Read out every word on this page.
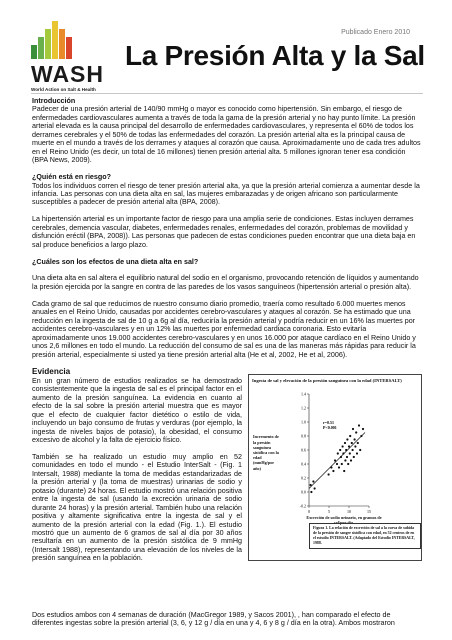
WASH
World Action on Salt & Health
Publicado Enero 2010
La Presión Alta y la Sal
Introducción

Padecer de una presión arterial de 140/90 mmHg o mayor es conocido como hipertensión. Sin embargo, el riesgo de enfermedades cardiovasculares aumenta a través de toda la gama de la presión arterial y no hay punto límite. La presión arterial elevada es la causa principal del desarrollo de enfermedades cardiovasculares, y representa el 60% de todos los derrames cerebrales y el 50% de todas las enfermedades del corazón. La presión arterial alta es la principal causa de muerte en el mundo a través de los derrames y ataques al corazón que causa. Aproximadamente uno de cada tres adultos en el Reino Unido (es decir, un total de 16 millones) tienen presión arterial alta. 5 millones ignoran tener esa condición (BPA News, 2009).

¿Quién está en riesgo?

Todos los individuos corren el riesgo de tener presión arterial alta, ya que la presión arterial comienza a aumentar desde la infancia. Las personas con una dieta alta en sal, las mujeres embarazadas y de origen africano son particularmente susceptibles a padecer de presión arterial alta (BPA, 2008).

La hipertensión arterial es un importante factor de riesgo para una amplia serie de condiciones. Estas incluyen derrames cerebrales, demencia vascular, diabetes, enfermedades renales, enfermedades del corazón, problemas de movilidad y disfunción eréctil (BPA, 2008)). Las personas que padecen de estas condiciones pueden encontrar que una dieta baja en sal produce beneficios a largo plazo.

¿Cuáles son los efectos de una dieta alta en sal?

Una dieta alta en sal altera el equilibrio natural del sodio en el organismo, provocando retención de líquidos y aumentando la presión ejercida por la sangre en contra de las paredes de los vasos sanguíneos (hipertensión arterial o presión alta).

Cada gramo de sal que reducimos de nuestro consumo diario promedio, traería como resultado 6.000 muertes menos anuales en el Reino Unido, causadas por accidentes cerebro-vasculares y ataques al corazón. Se ha estimado que una reducción en la ingesta de sal de 10 g a 6g al día, reduciría la presión arterial y podría reducir en un 16% las muertes por accidentes cerebro-vasculares y en un 12% las muertes por enfermedad cardiaca coronaria. Esto evitaría aproximadamente unos 19.000 accidentes cerebro-vasculares y en unos 16.000 por ataque cardíaco en el Reino Unido y unos 2,6 millones en todo el mundo. La reducción del consumo de sal es una de las maneras más rápidas para reducir la presión arterial, especialmente si usted ya tiene presión arterial alta (He et al, 2002, He et al, 2006).

Evidencia

En un gran número de estudios realizados se ha demostrado consistentemente que la ingesta de sal es el principal factor en el aumento de la presión sanguínea. La evidencia en cuanto al efecto de la sal sobre la presión arterial muestra que es mayor que el efecto de cualquier factor dietético o estilo de vida, incluyendo un bajo consumo de frutas y verduras (por ejemplo, la ingesta de niveles bajos de potasio), la obesidad, el consumo excesivo de alcohol y la falta de ejercicio físico.

También se ha realizado un estudio muy amplio en 52 comunidades en todo el mundo - el Estudio InterSalt - (Fig. 1 Intersalt, 1988) mediante la toma de medidas estandarizadas de la presión arterial y (la toma de muestras) urinarias de sodio y potasio (durante) 24 horas. El estudio mostró una relación positiva entre la ingesta de sal (usando la excreción urinaria de sodio durante 24 horas) y la presión arterial. También hubo una relación positiva y altamente significativa entre la ingesta de sal y el aumento de la presión arterial con la edad (Fig. 1.). El estudio mostró que un aumento de 6 gramos de sal al día por 30 años resultaría en un aumento de la presión sistólica de 9 mmHg (Intersalt 1988), representando una elevación de los niveles de la presión sanguínea en la población.

Ingesta de sal y elevación de la presión sanguínea con la edad (INTERSALT)
Incremento de la presión sanguínea sistólica con la edad (mmHg/por año)
-0.2
0.0
0.2
0.4
0.6
0.8
1.0
1.2
1.4
0	5	10	15
r=0.51
P<0.001
Excreción de sodio urinario, en gramos de sal/por día.
Figura 1. La relación de excreción de sal a la curva de subida de la presión de sangre sistólica con edad, en 52 centros de en el estudio INTERSALT. (Adaptado del Estudio INTERSALT, 1988.
Dos estudios ambos con 4 semanas de duración (MacGregor 1989, y Sacos 2001), , han comparado el efecto de diferentes ingestas sobre la presión arterial (3, 6, y 12 g / día en una y 4, 6 y 8 g / día en la otra). Ambos mostraron
